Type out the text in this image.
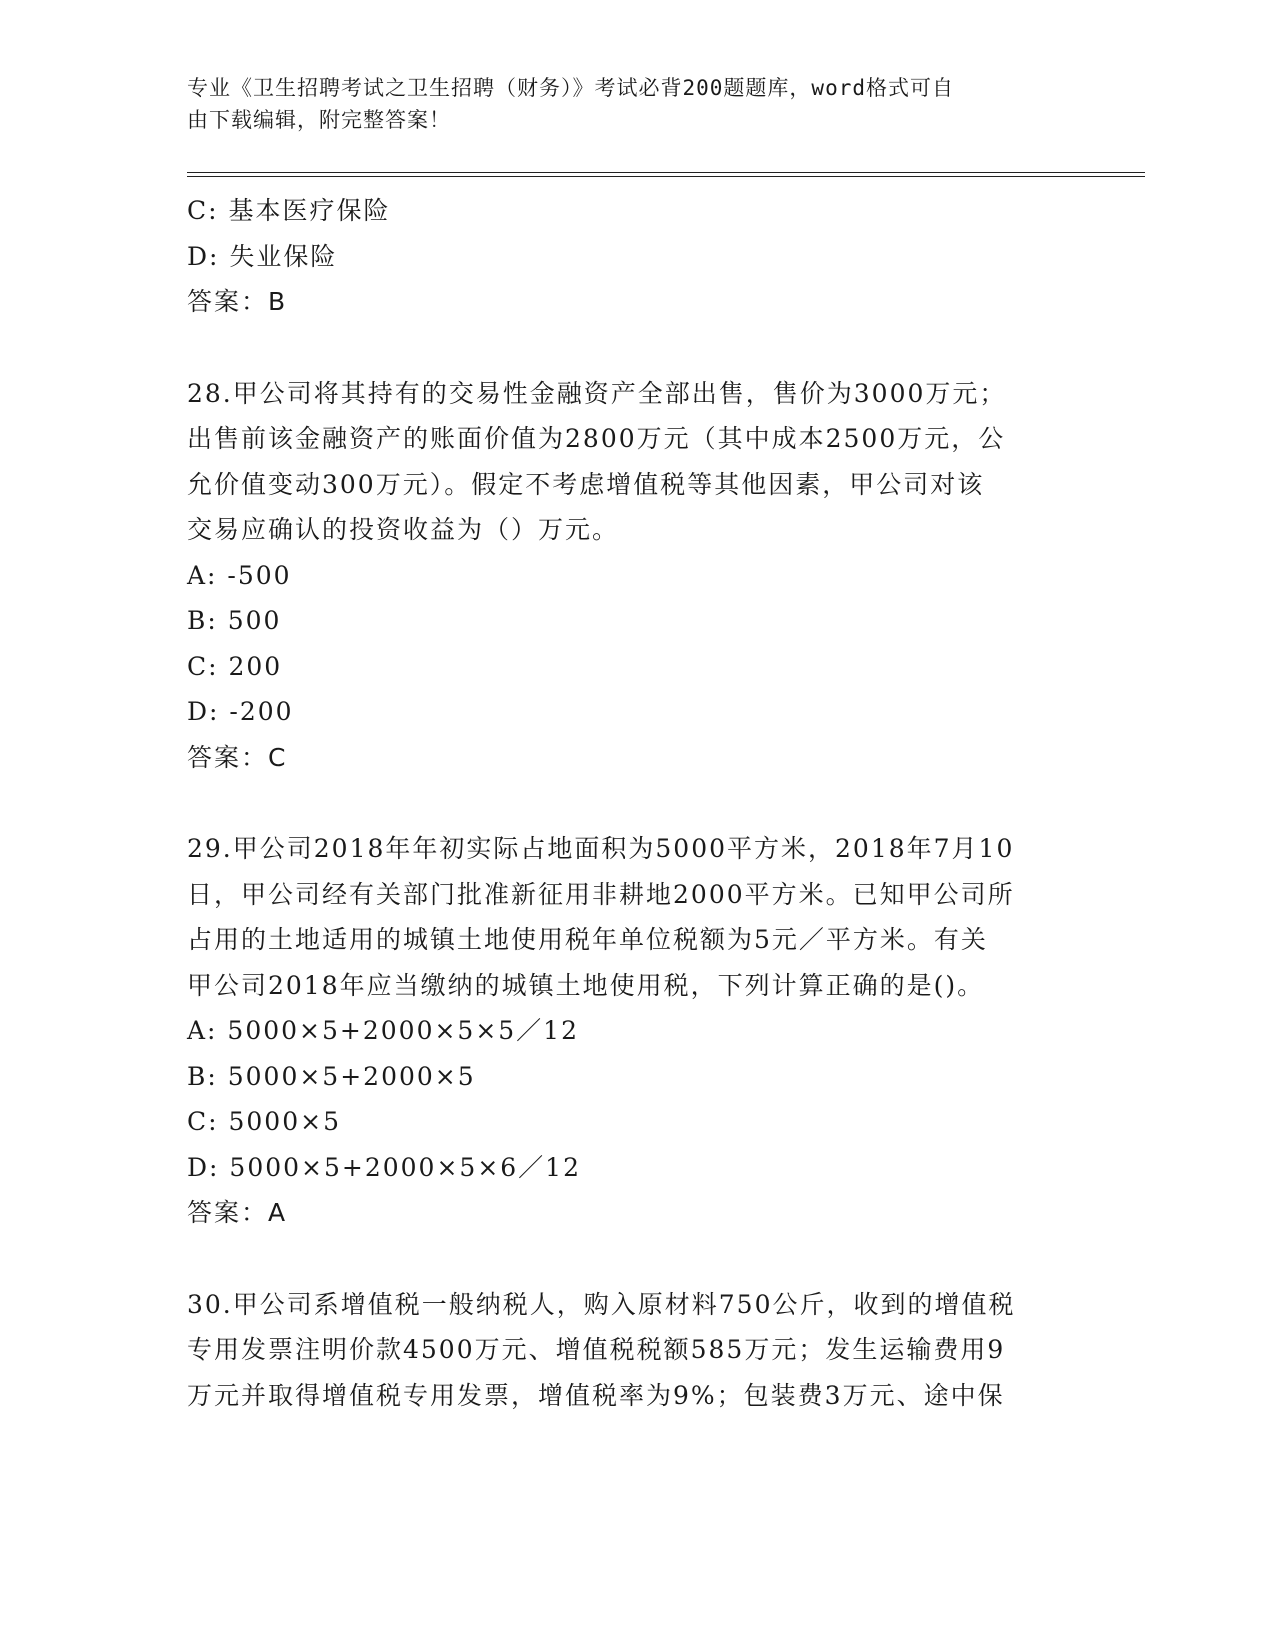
专业《卫生招聘考试之卫生招聘（财务）》考试必背200题题库，word格式可自
由下载编辑，附完整答案！
C: 基本医疗保险
D: 失业保险
答案：B
28.甲公司将其持有的交易性金融资产全部出售，售价为3000万元；
出售前该金融资产的账面价值为2800万元（其中成本2500万元，公
允价值变动300万元）。假定不考虑增值税等其他因素，甲公司对该
交易应确认的投资收益为（）万元。
A: -500
B: 500
C: 200
D: -200
答案：C
29.甲公司2018年年初实际占地面积为5000平方米，2018年7月10
日，甲公司经有关部门批准新征用非耕地2000平方米。已知甲公司所
占用的土地适用的城镇土地使用税年单位税额为5元／平方米。有关
甲公司2018年应当缴纳的城镇土地使用税，下列计算正确的是()。
A: 5000×5+2000×5×5／12
B: 5000×5+2000×5
C: 5000×5
D: 5000×5+2000×5×6／12
答案：A
30.甲公司系增值税一般纳税人，购入原材料750公斤，收到的增值税
专用发票注明价款4500万元、增值税税额585万元；发生运输费用9
万元并取得增值税专用发票，增值税率为9%；包装费3万元、途中保
